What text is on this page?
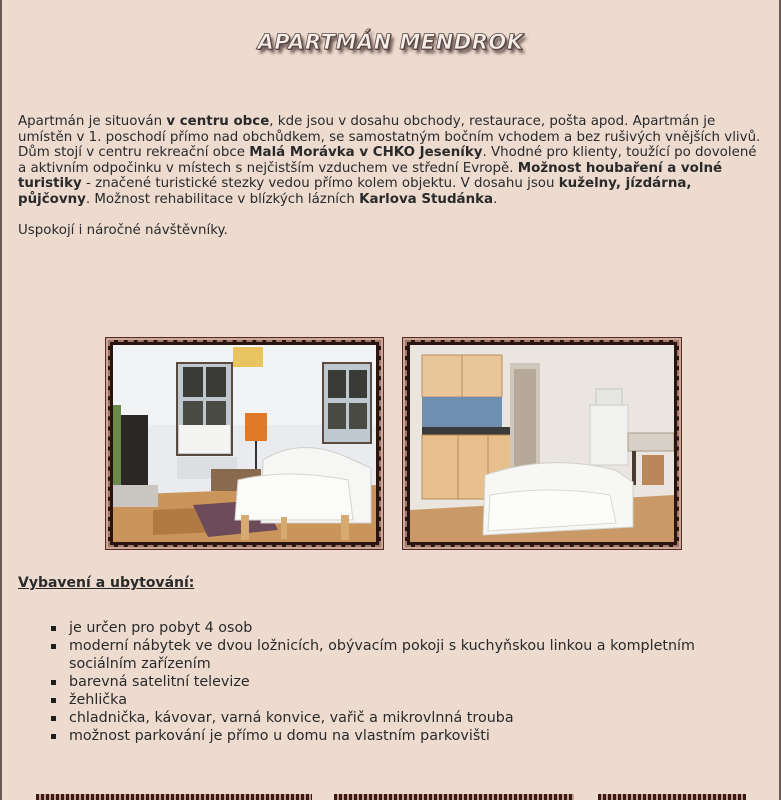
APARTMÁN MENDROK

Apartmán je situován v centru obce, kde jsou v dosahu obchody, restaurace, pošta apod. Apartmán je umístěn v 1. poschodí přímo nad obchůdkem, se samostatným bočním vchodem a bez rušivých vnějších vlivů.

Dům stojí v centru rekreační obce Malá Morávka v CHKO Jeseníky. Vhodné pro klienty, toužící po dovolené a aktivním odpočinku v místech s nejčistším vzduchem ve střední Evropě. Možnost houbaření a volné turistiky - značené turistické stezky vedou přímo kolem objektu. V dosahu jsou kuželny, jízdárna, půjčovny. Možnost rehabilitace v blízkých lázních Karlova Studánka.

Uspokojí i náročné návštěvníky.

Vybavení a ubytování:
je určen pro pobyt 4 osob
moderní nábytek ve dvou ložnicích, obývacím pokoji s kuchyňskou linkou a kompletním sociálním zařízením
barevná satelitní televize
žehlička
chladnička, kávovar, varná konvice, vařič a mikrovlnná trouba
možnost parkování je přímo u domu na vlastním parkovišti
